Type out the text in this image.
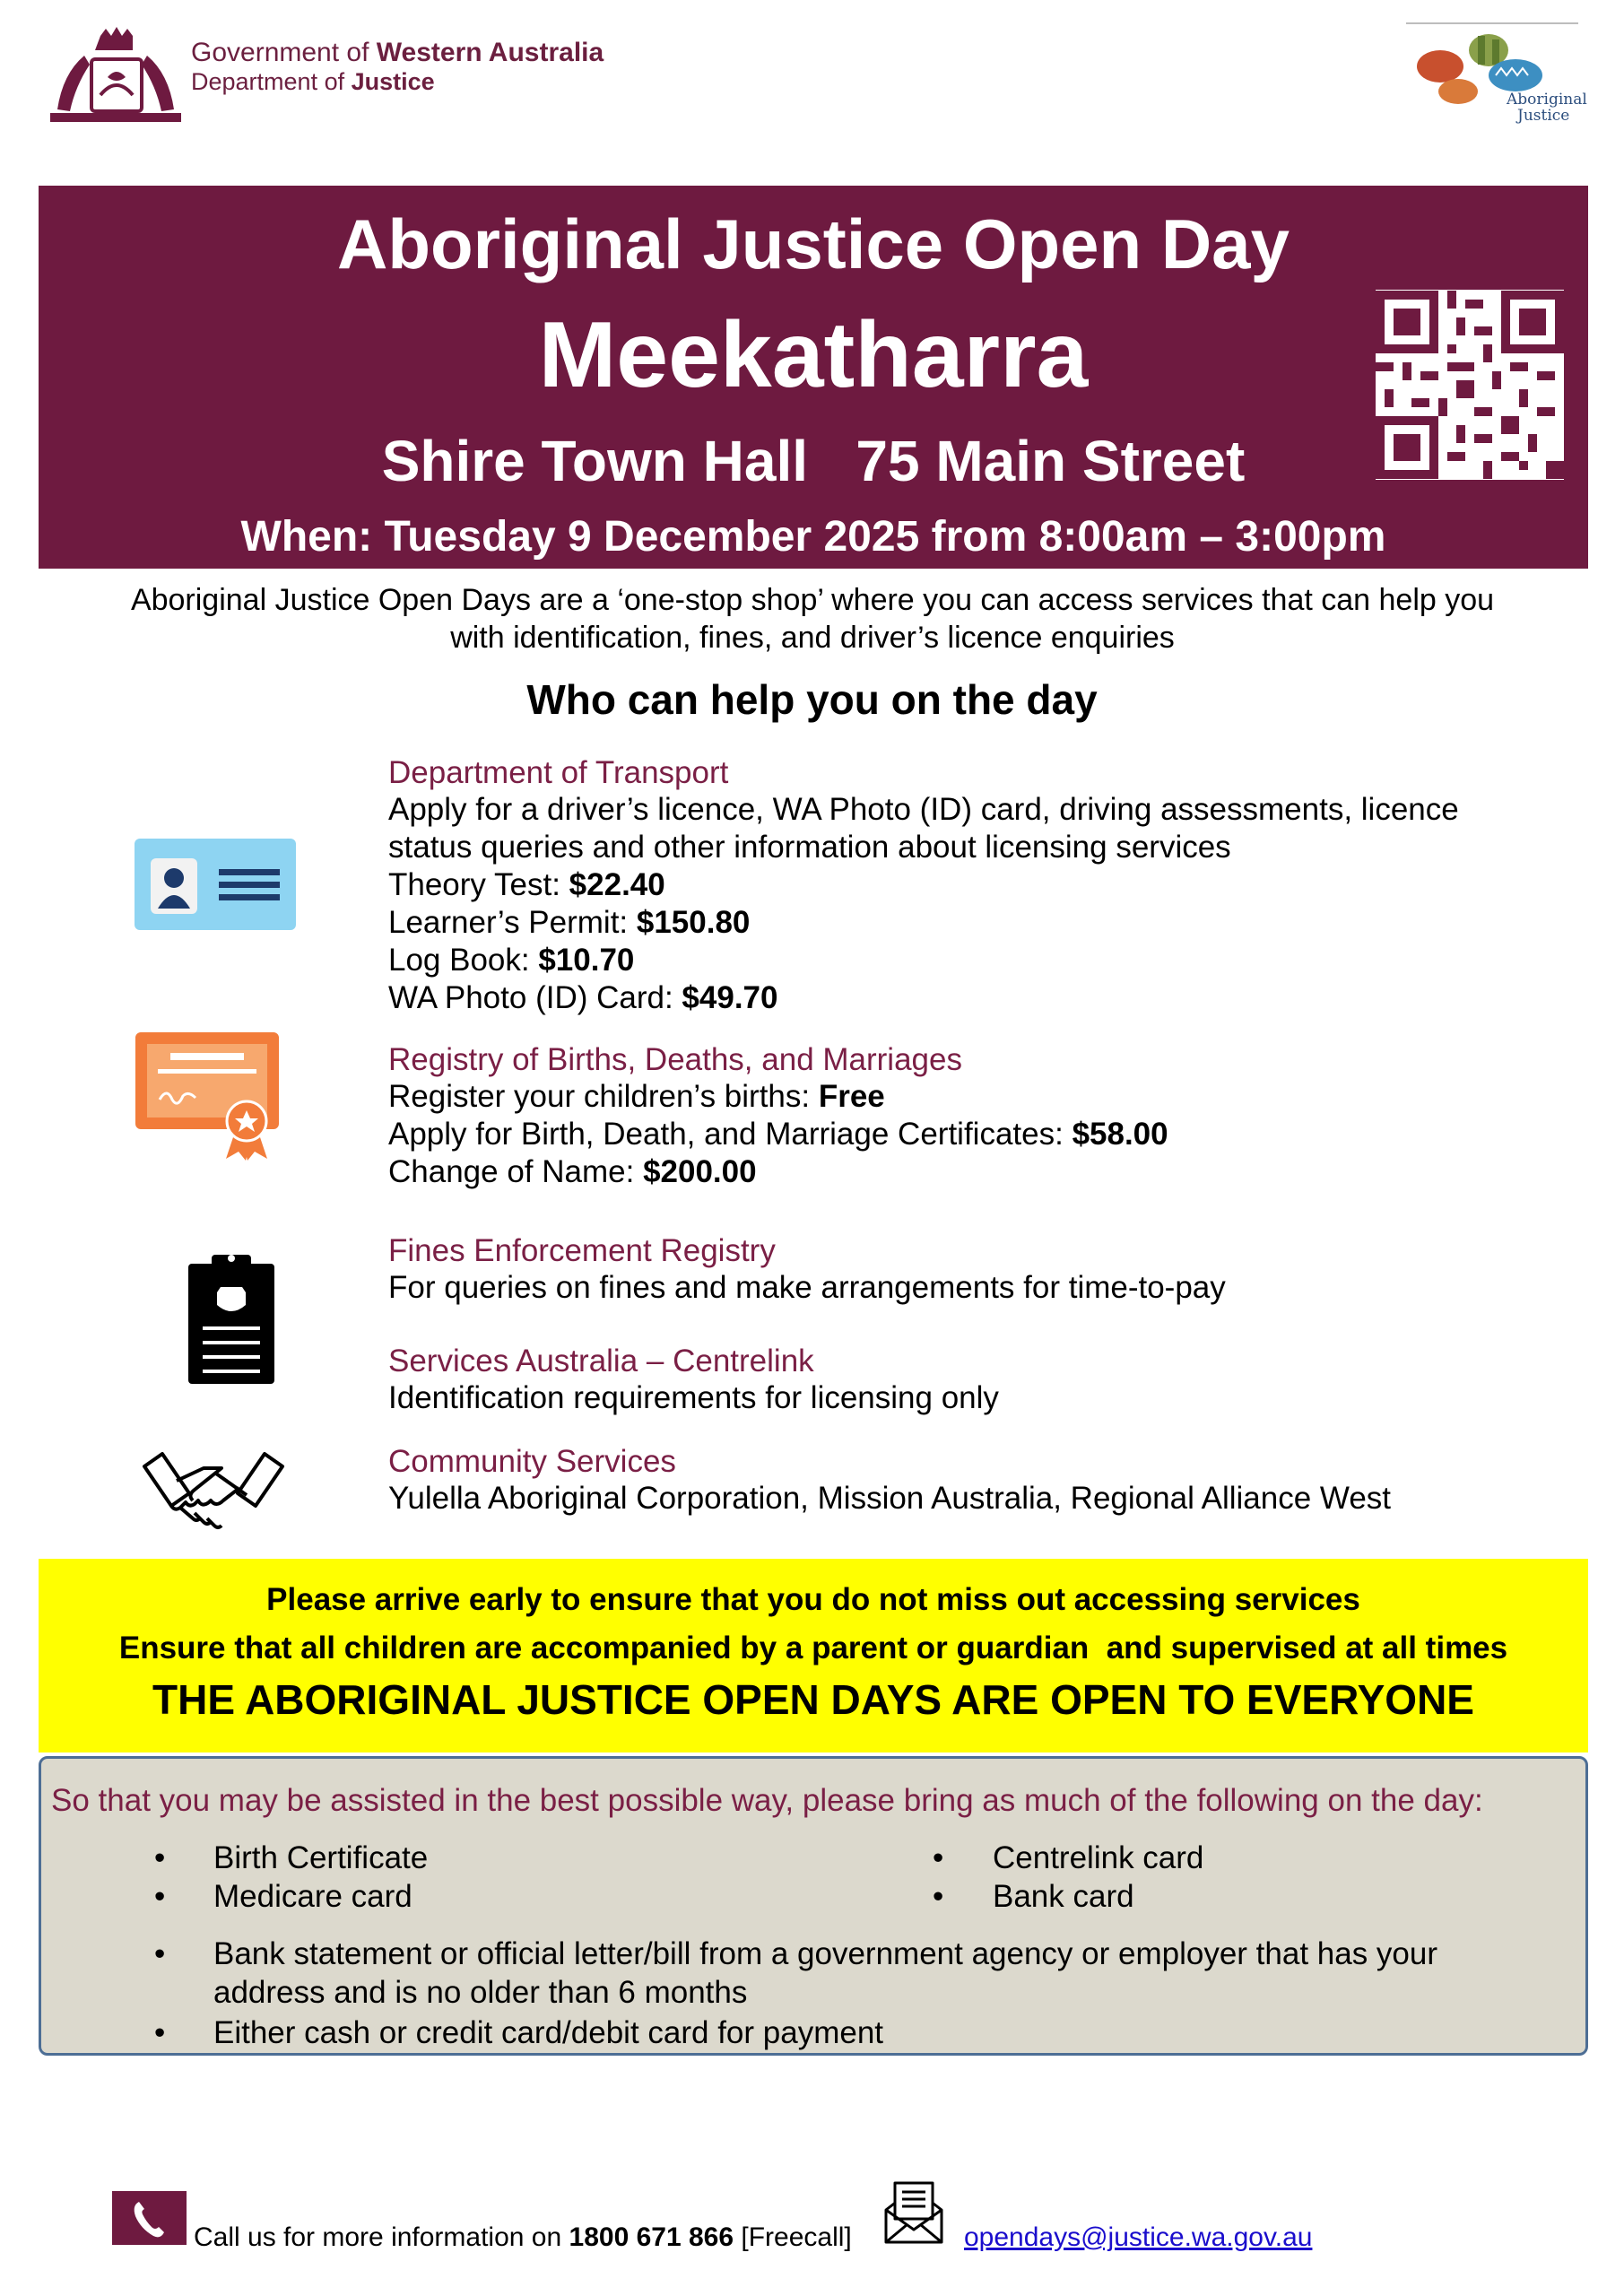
Government of Western Australia
Department of Justice
Aboriginal
Justice
Aboriginal Justice Open Day
Meekatharra
Shire Town Hall   75 Main Street
When: Tuesday 9 December 2025 from 8:00am – 3:00pm
Aboriginal Justice Open Days are a ‘one-stop shop’ where you can access services that can help you
with identification, fines, and driver’s licence enquiries
Who can help you on the day
Department of Transport
Apply for a driver’s licence, WA Photo (ID) card, driving assessments, licence
status queries and other information about licensing services
Theory Test: $22.40
Learner’s Permit: $150.80
Log Book: $10.70
WA Photo (ID) Card: $49.70
Registry of Births, Deaths, and Marriages
Register your children’s births: Free
Apply for Birth, Death, and Marriage Certificates: $58.00
Change of Name: $200.00
Fines Enforcement Registry
For queries on fines and make arrangements for time-to-pay
Services Australia – Centrelink
Identification requirements for licensing only
Community Services
Yulella Aboriginal Corporation, Mission Australia, Regional Alliance West
Please arrive early to ensure that you do not miss out accessing services
Ensure that all children are accompanied by a parent or guardian  and supervised at all times
THE ABORIGINAL JUSTICE OPEN DAYS ARE OPEN TO EVERYONE
So that you may be assisted in the best possible way, please bring as much of the following on the day:
• Birth Certificate
• Medicare card
• Centrelink card
• Bank card
• Bank statement or official letter/bill from a government agency or employer that has your
address and is no older than 6 months
• Either cash or credit card/debit card for payment
Call us for more information on 1800 671 866 [Freecall]	opendays@justice.wa.gov.au
